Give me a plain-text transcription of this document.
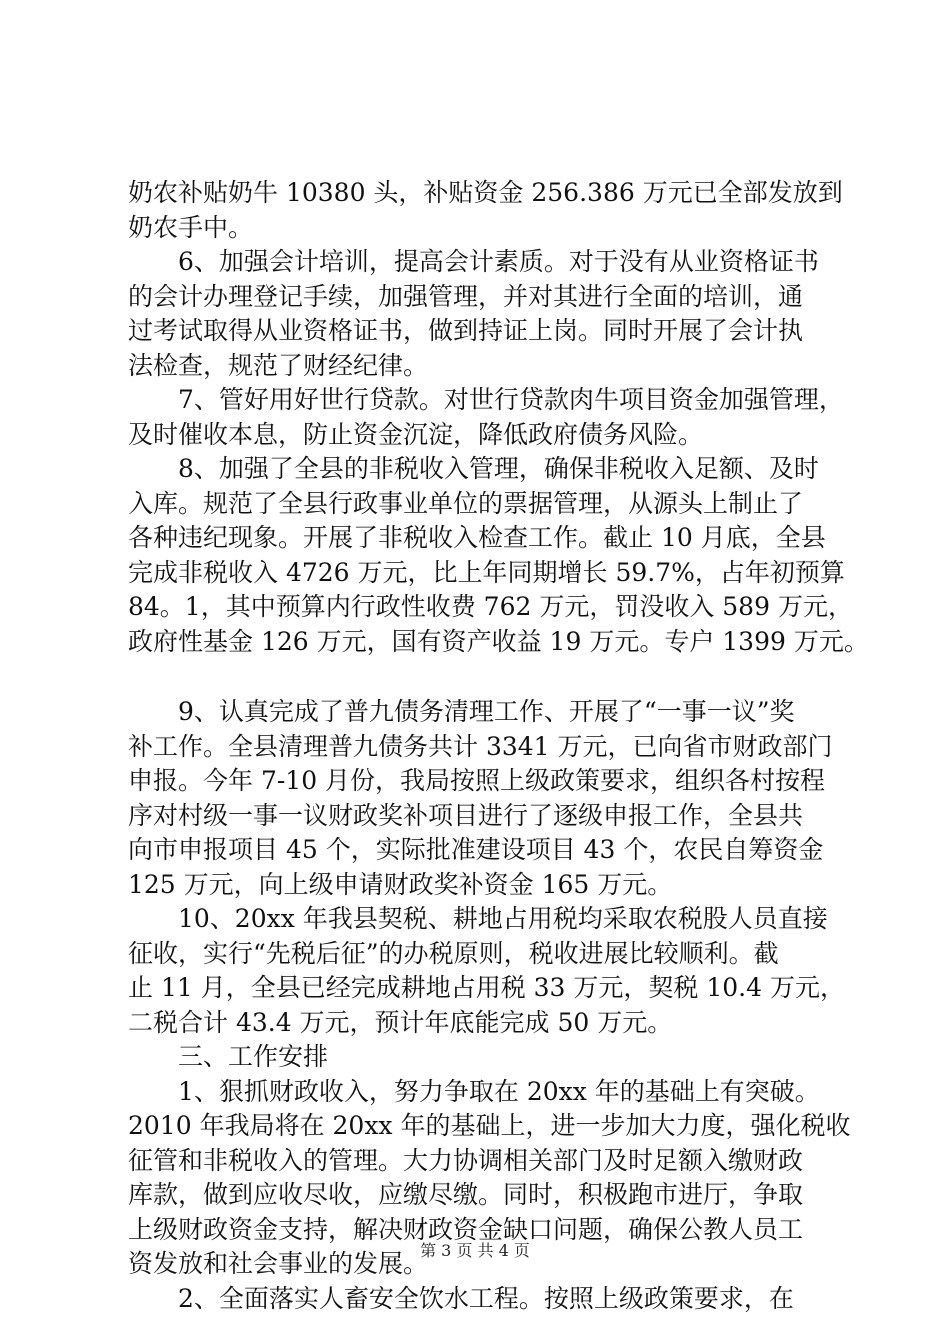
奶农补贴奶牛 10380 头，补贴资金 256.386 万元已全部发放到
奶农手中。
6、加强会计培训，提高会计素质。对于没有从业资格证书
的会计办理登记手续，加强管理，并对其进行全面的培训，通
过考试取得从业资格证书，做到持证上岗。同时开展了会计执
法检查，规范了财经纪律。
7、管好用好世行贷款。对世行贷款肉牛项目资金加强管理，
及时催收本息，防止资金沉淀，降低政府债务风险。
8、加强了全县的非税收入管理，确保非税收入足额、及时
入库。规范了全县行政事业单位的票据管理，从源头上制止了
各种违纪现象。开展了非税收入检查工作。截止 10 月底，全县
完成非税收入 4726 万元，比上年同期增长 59.7%，占年初预算
84。1，其中预算内行政性收费 762 万元，罚没收入 589 万元，
政府性基金 126 万元，国有资产收益 19 万元。专户 1399 万元。
9、认真完成了普九债务清理工作、开展了“一事一议”奖
补工作。全县清理普九债务共计 3341 万元，已向省市财政部门
申报。今年 7-10 月份，我局按照上级政策要求，组织各村按程
序对村级一事一议财政奖补项目进行了逐级申报工作，全县共
向市申报项目 45 个，实际批准建设项目 43 个，农民自筹资金
125 万元，向上级申请财政奖补资金 165 万元。
10、20xx 年我县契税、耕地占用税均采取农税股人员直接
征收，实行“先税后征”的办税原则，税收进展比较顺利。截
止 11 月，全县已经完成耕地占用税 33 万元，契税 10.4 万元，
二税合计 43.4 万元，预计年底能完成 50 万元。
三、工作安排
1、狠抓财政收入，努力争取在 20xx 年的基础上有突破。
2010 年我局将在 20xx 年的基础上，进一步加大力度，强化税收
征管和非税收入的管理。大力协调相关部门及时足额入缴财政
库款，做到应收尽收，应缴尽缴。同时，积极跑市进厅，争取
上级财政资金支持，解决财政资金缺口问题，确保公教人员工
资发放和社会事业的发展。
2、全面落实人畜安全饮水工程。按照上级政策要求，在
第 3 页 共 4 页
